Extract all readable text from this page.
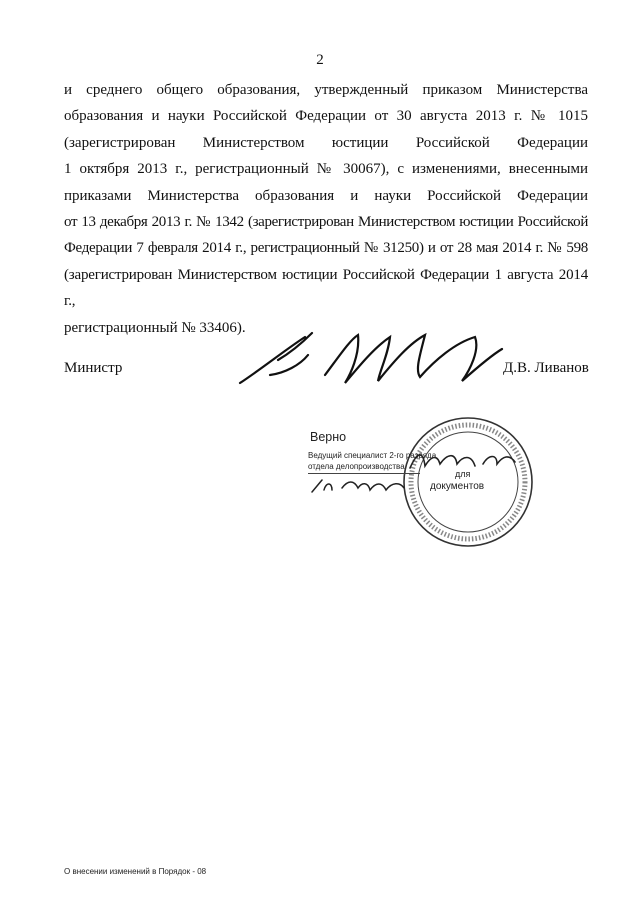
2
и среднего общего образования, утвержденный приказом Министерства
образования и науки Российской Федерации от 30 августа 2013 г. № 1015
(зарегистрирован Министерством юстиции Российской Федерации
1 октября 2013 г., регистрационный № 30067), с изменениями, внесенными
приказами Министерства образования и науки Российской Федерации
от 13 декабря 2013 г. № 1342 (зарегистрирован Министерством юстиции Российской
Федерации 7 февраля 2014 г., регистрационный № 31250) и от 28 мая 2014 г. № 598
(зарегистрирован Министерством юстиции Российской Федерации 1 августа 2014 г.,
регистрационный № 33406).
Министр	Д.В. Ливанов
Верно
Ведущий специалист 2-го разряда
отдела делопроизводства
для
документов
О внесении изменений в Порядок - 08
